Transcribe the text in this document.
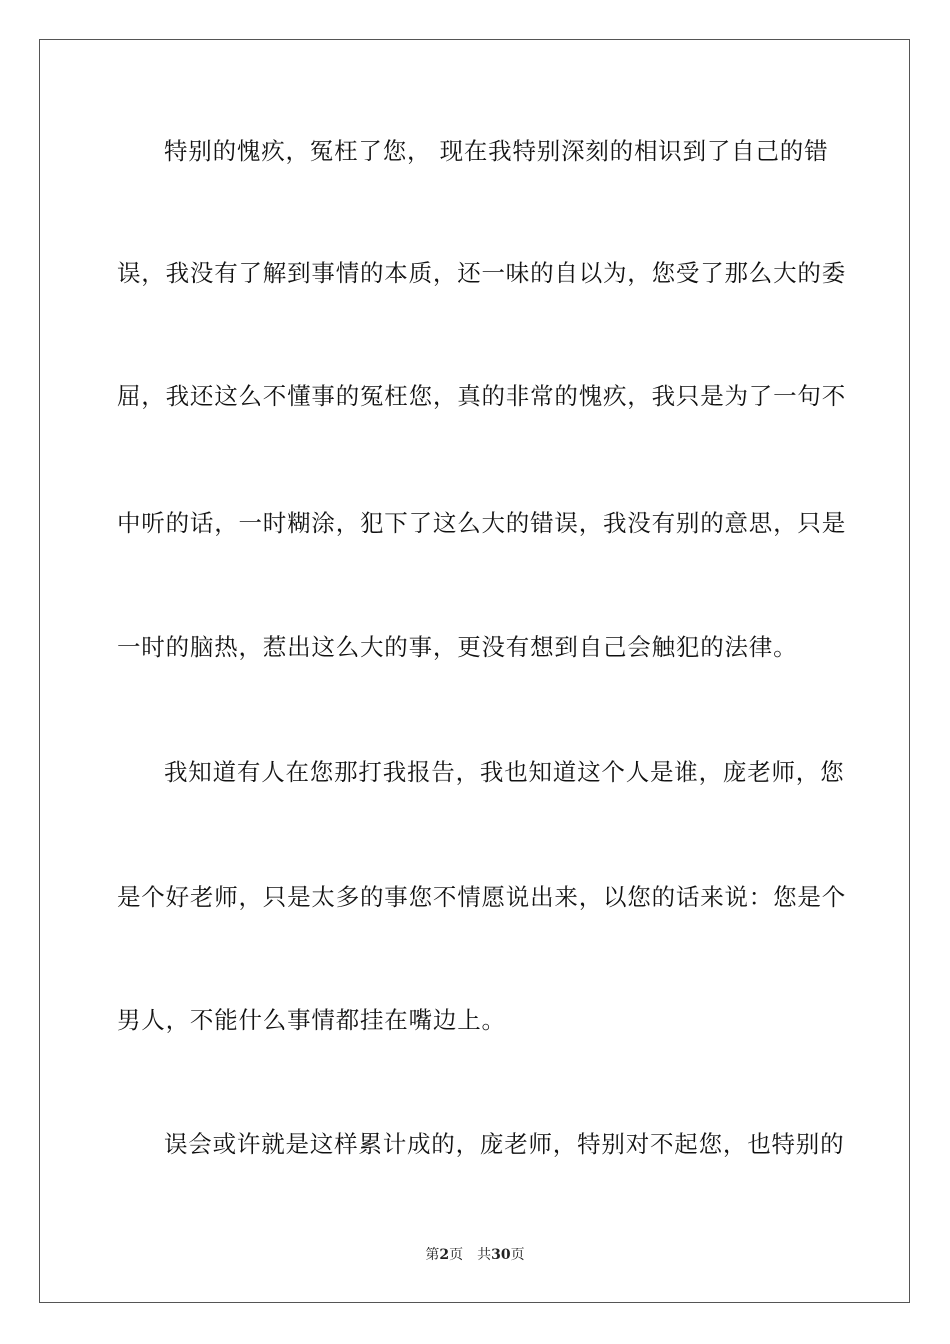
特别的愧疚，冤枉了您， 现在我特别深刻的相识到了自己的错
误，我没有了解到事情的本质，还一味的自以为，您受了那么大的委
屈，我还这么不懂事的冤枉您，真的非常的愧疚，我只是为了一句不
中听的话，一时糊涂，犯下了这么大的错误，我没有别的意思，只是
一时的脑热，惹出这么大的事，更没有想到自己会触犯的法律。
我知道有人在您那打我报告，我也知道这个人是谁，庞老师，您
是个好老师，只是太多的事您不情愿说出来，以您的话来说：您是个
男人，不能什么事情都挂在嘴边上。
误会或许就是这样累计成的，庞老师，特别对不起您，也特别的
第2页 共30页
